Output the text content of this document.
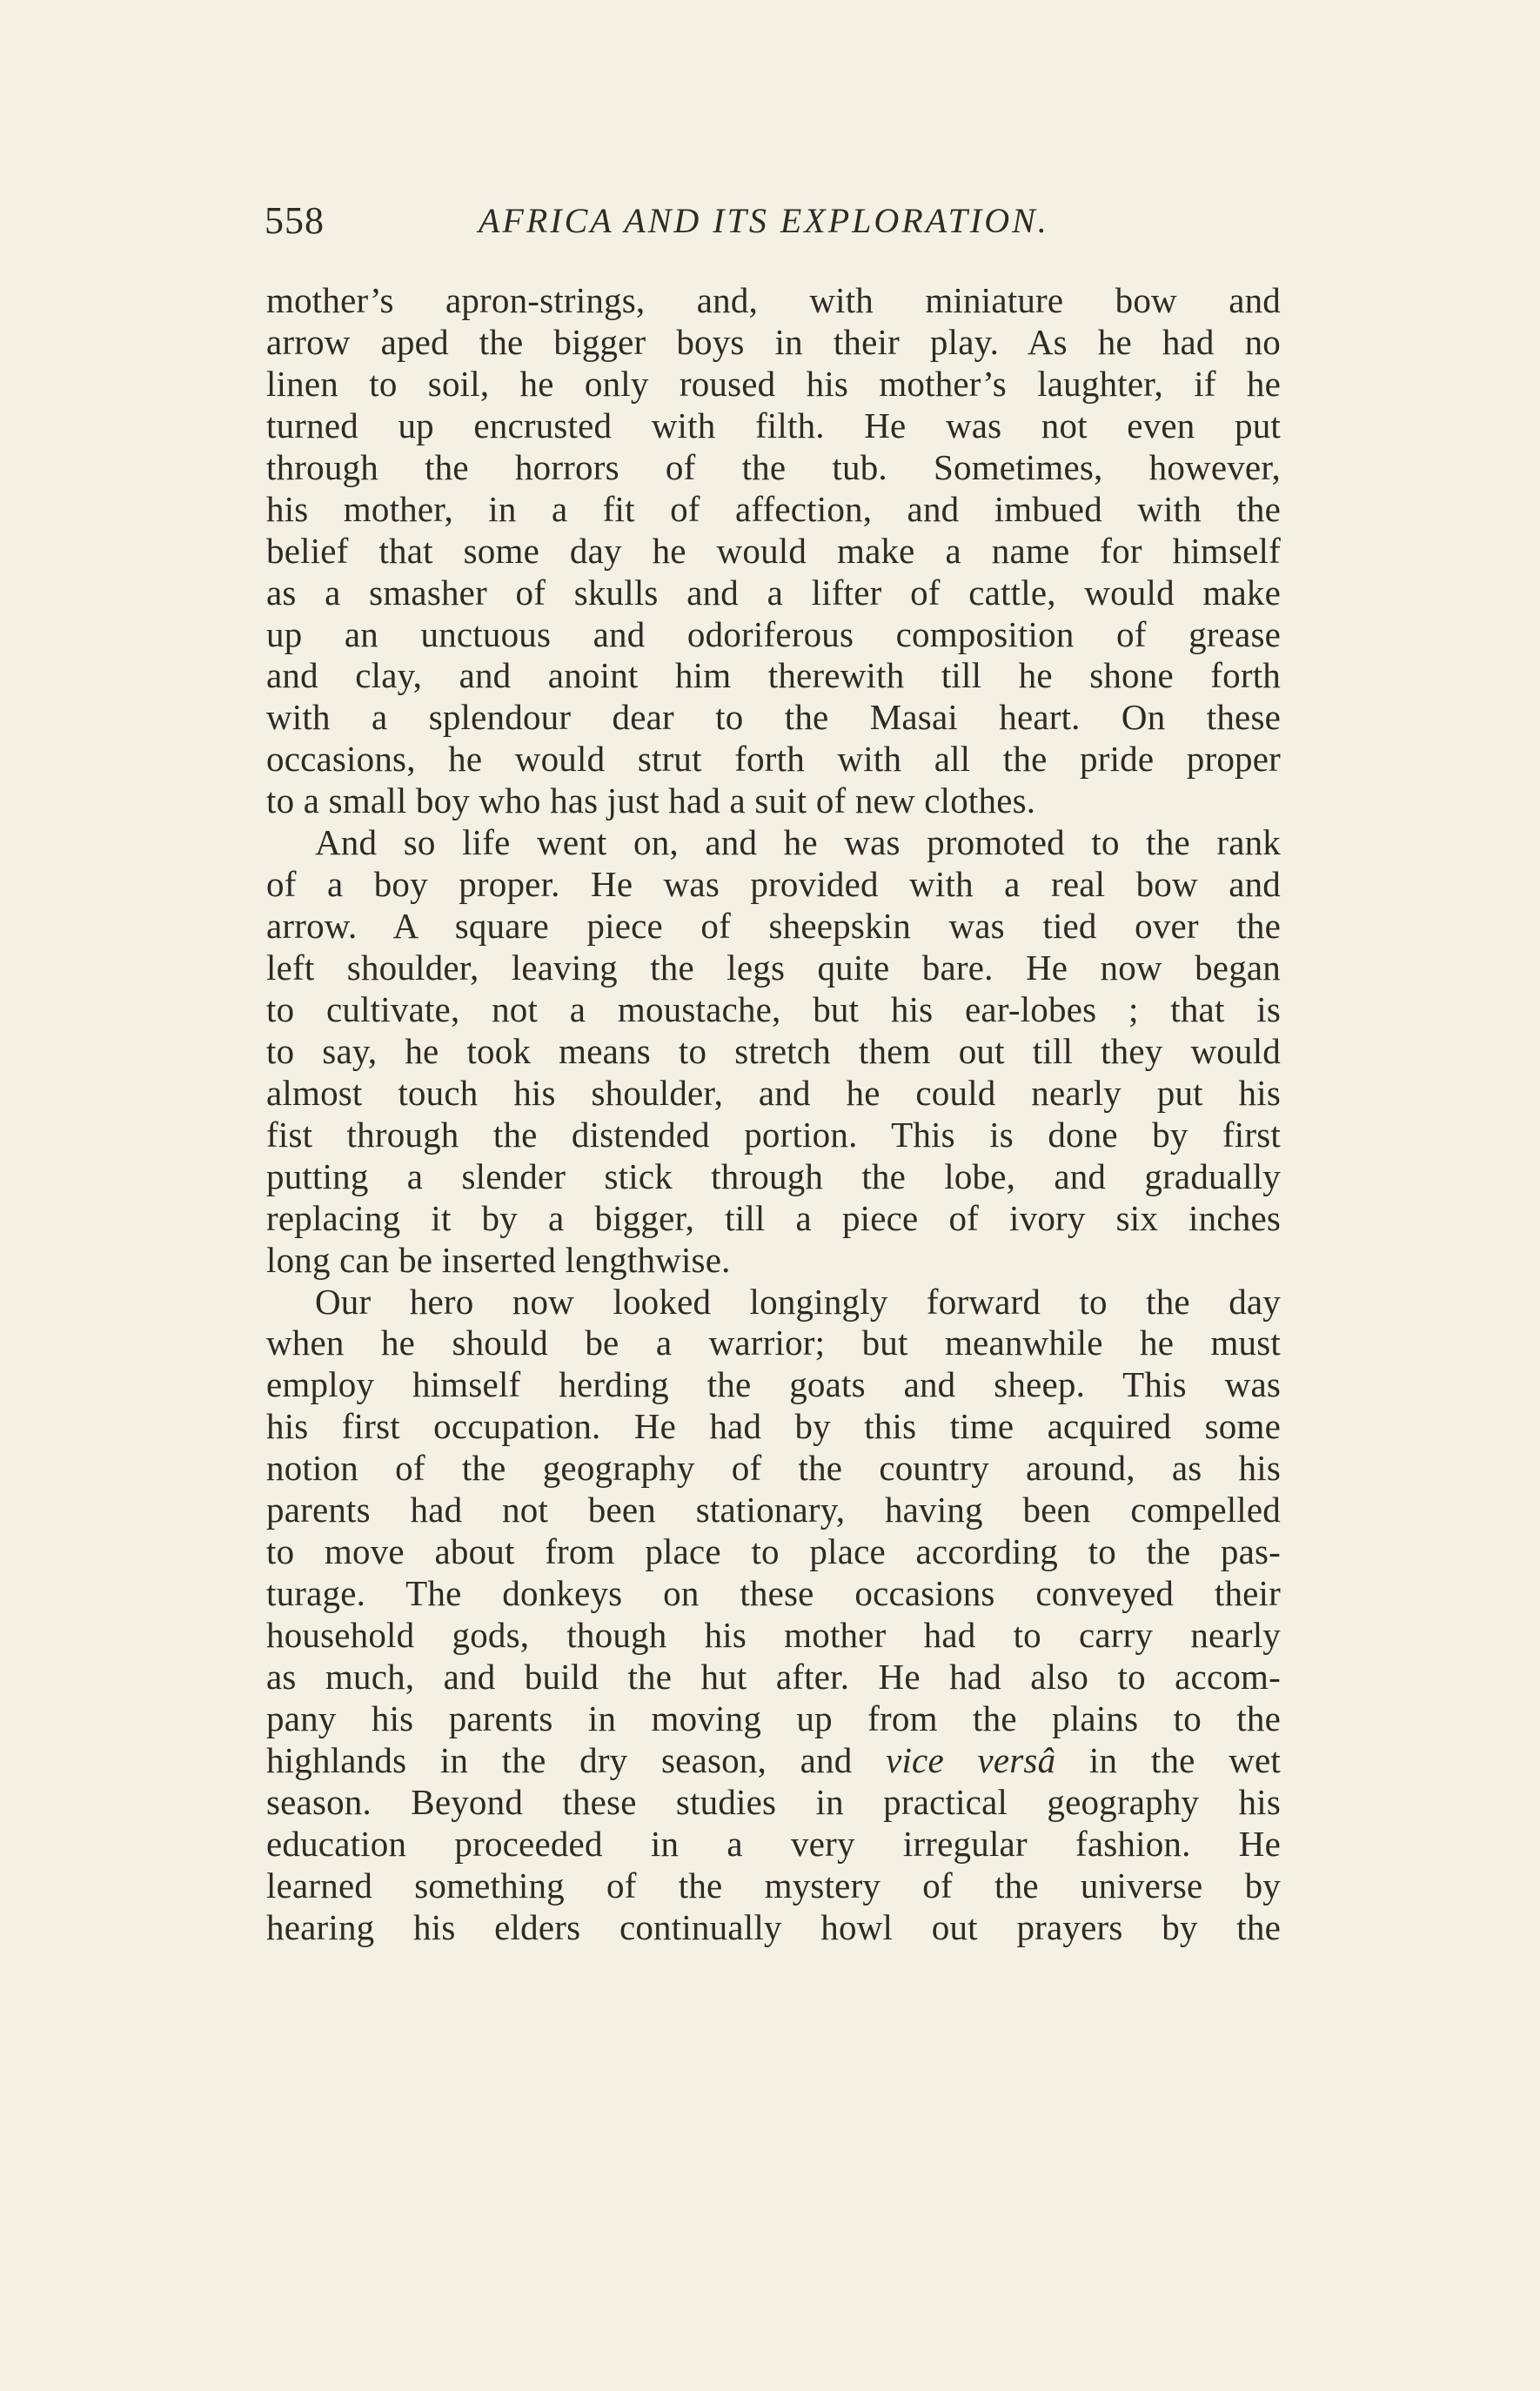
558	AFRICA AND ITS EXPLORATION.
mother’s apron-strings, and, with miniature bow and
arrow aped the bigger boys in their play. As he had no
linen to soil, he only roused his mother’s laughter, if he
turned up encrusted with filth. He was not even put
through the horrors of the tub. Sometimes, however,
his mother, in a fit of affection, and imbued with the
belief that some day he would make a name for himself
as a smasher of skulls and a lifter of cattle, would make
up an unctuous and odoriferous composition of grease
and clay, and anoint him therewith till he shone forth
with a splendour dear to the Masai heart. On these
occasions, he would strut forth with all the pride proper
to a small boy who has just had a suit of new clothes.
And so life went on, and he was promoted to the rank
of a boy proper. He was provided with a real bow and
arrow. A square piece of sheepskin was tied over the
left shoulder, leaving the legs quite bare. He now began
to cultivate, not a moustache, but his ear-lobes ; that is
to say, he took means to stretch them out till they would
almost touch his shoulder, and he could nearly put his
fist through the distended portion. This is done by first
putting a slender stick through the lobe, and gradually
replacing it by a bigger, till a piece of ivory six inches
long can be inserted lengthwise.
Our hero now looked longingly forward to the day
when he should be a warrior; but meanwhile he must
employ himself herding the goats and sheep. This was
his first occupation. He had by this time acquired some
notion of the geography of the country around, as his
parents had not been stationary, having been compelled
to move about from place to place according to the pas-
turage. The donkeys on these occasions conveyed their
household gods, though his mother had to carry nearly
as much, and build the hut after. He had also to accom-
pany his parents in moving up from the plains to the
highlands in the dry season, and vice versâ in the wet
season. Beyond these studies in practical geography his
education proceeded in a very irregular fashion. He
learned something of the mystery of the universe by
hearing his elders continually howl out prayers by the
